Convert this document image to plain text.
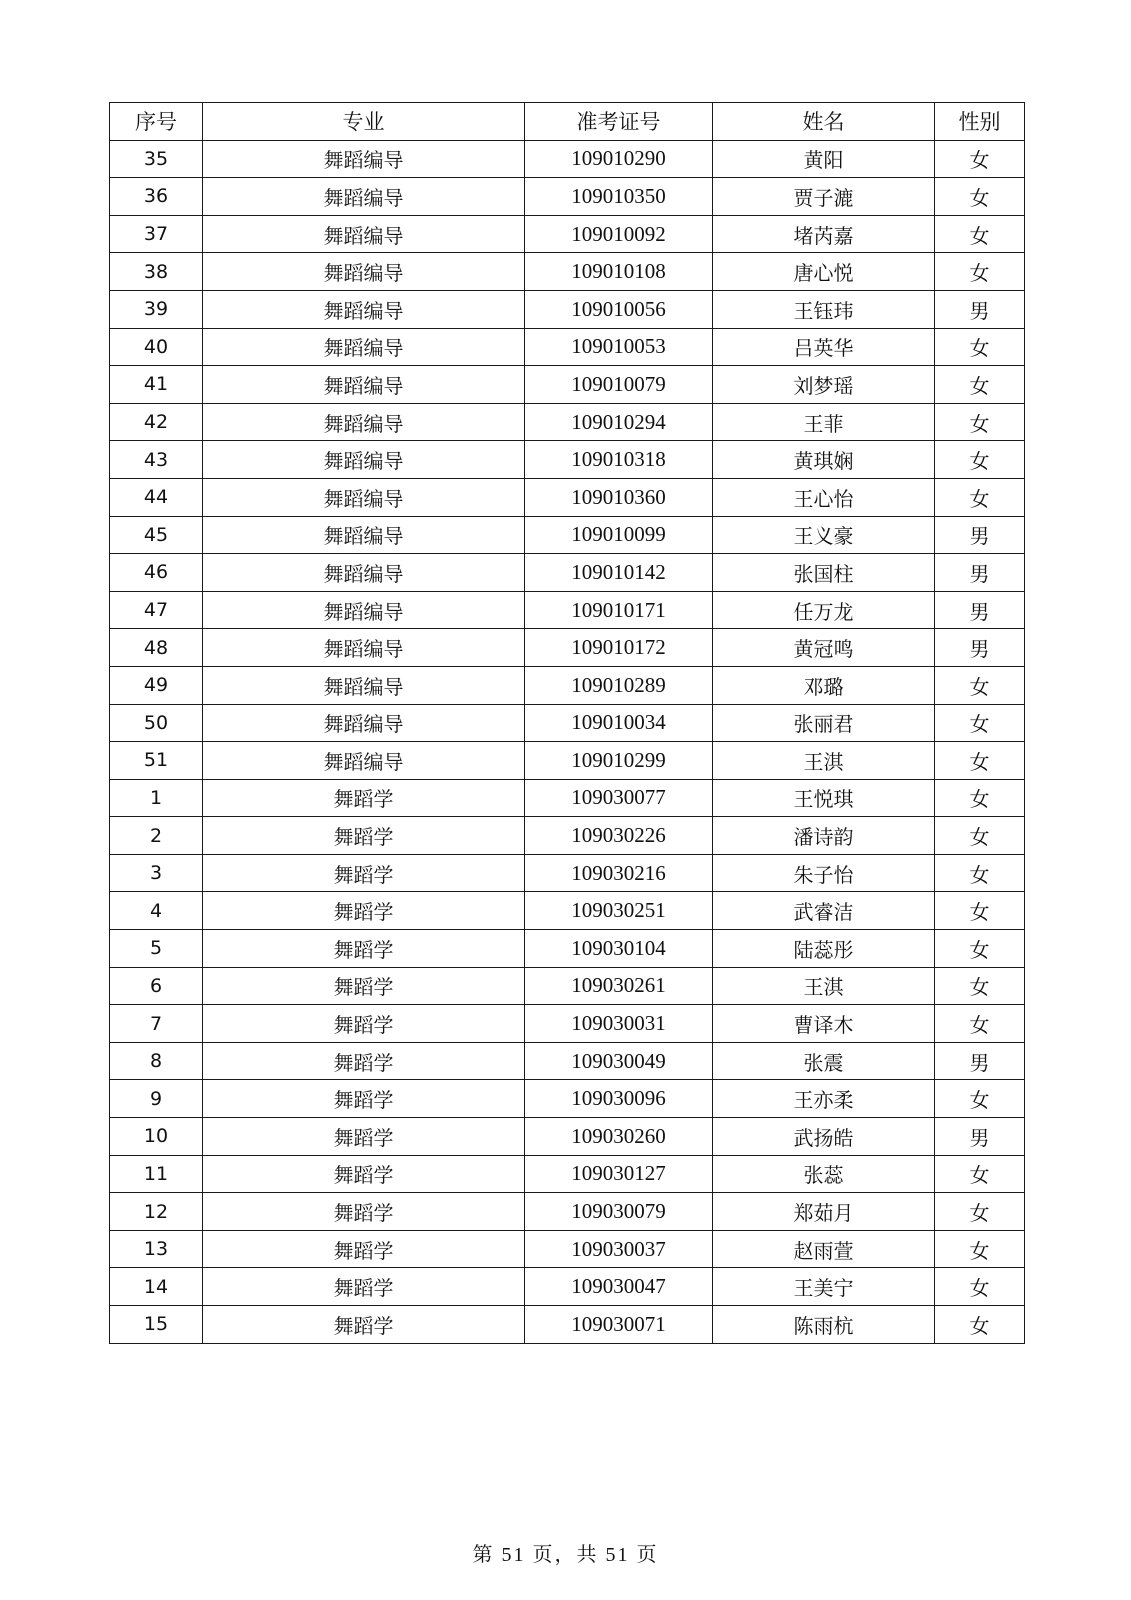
序号	专业	准考证号	姓名	性别
35	舞蹈编导	109010290	黄阳	女
36	舞蹈编导	109010350	贾子漉	女
37	舞蹈编导	109010092	堵芮嘉	女
38	舞蹈编导	109010108	唐心悦	女
39	舞蹈编导	109010056	王钰玮	男
40	舞蹈编导	109010053	吕英华	女
41	舞蹈编导	109010079	刘梦瑶	女
42	舞蹈编导	109010294	王菲	女
43	舞蹈编导	109010318	黄琪娴	女
44	舞蹈编导	109010360	王心怡	女
45	舞蹈编导	109010099	王义豪	男
46	舞蹈编导	109010142	张国柱	男
47	舞蹈编导	109010171	任万龙	男
48	舞蹈编导	109010172	黄冠鸣	男
49	舞蹈编导	109010289	邓璐	女
50	舞蹈编导	109010034	张丽君	女
51	舞蹈编导	109010299	王淇	女
1	舞蹈学	109030077	王悦琪	女
2	舞蹈学	109030226	潘诗韵	女
3	舞蹈学	109030216	朱子怡	女
4	舞蹈学	109030251	武睿洁	女
5	舞蹈学	109030104	陆蕊彤	女
6	舞蹈学	109030261	王淇	女
7	舞蹈学	109030031	曹译木	女
8	舞蹈学	109030049	张震	男
9	舞蹈学	109030096	王亦柔	女
10	舞蹈学	109030260	武扬皓	男
11	舞蹈学	109030127	张蕊	女
12	舞蹈学	109030079	郑茹月	女
13	舞蹈学	109030037	赵雨萱	女
14	舞蹈学	109030047	王美宁	女
15	舞蹈学	109030071	陈雨杭	女
第 51 页，共 51 页
